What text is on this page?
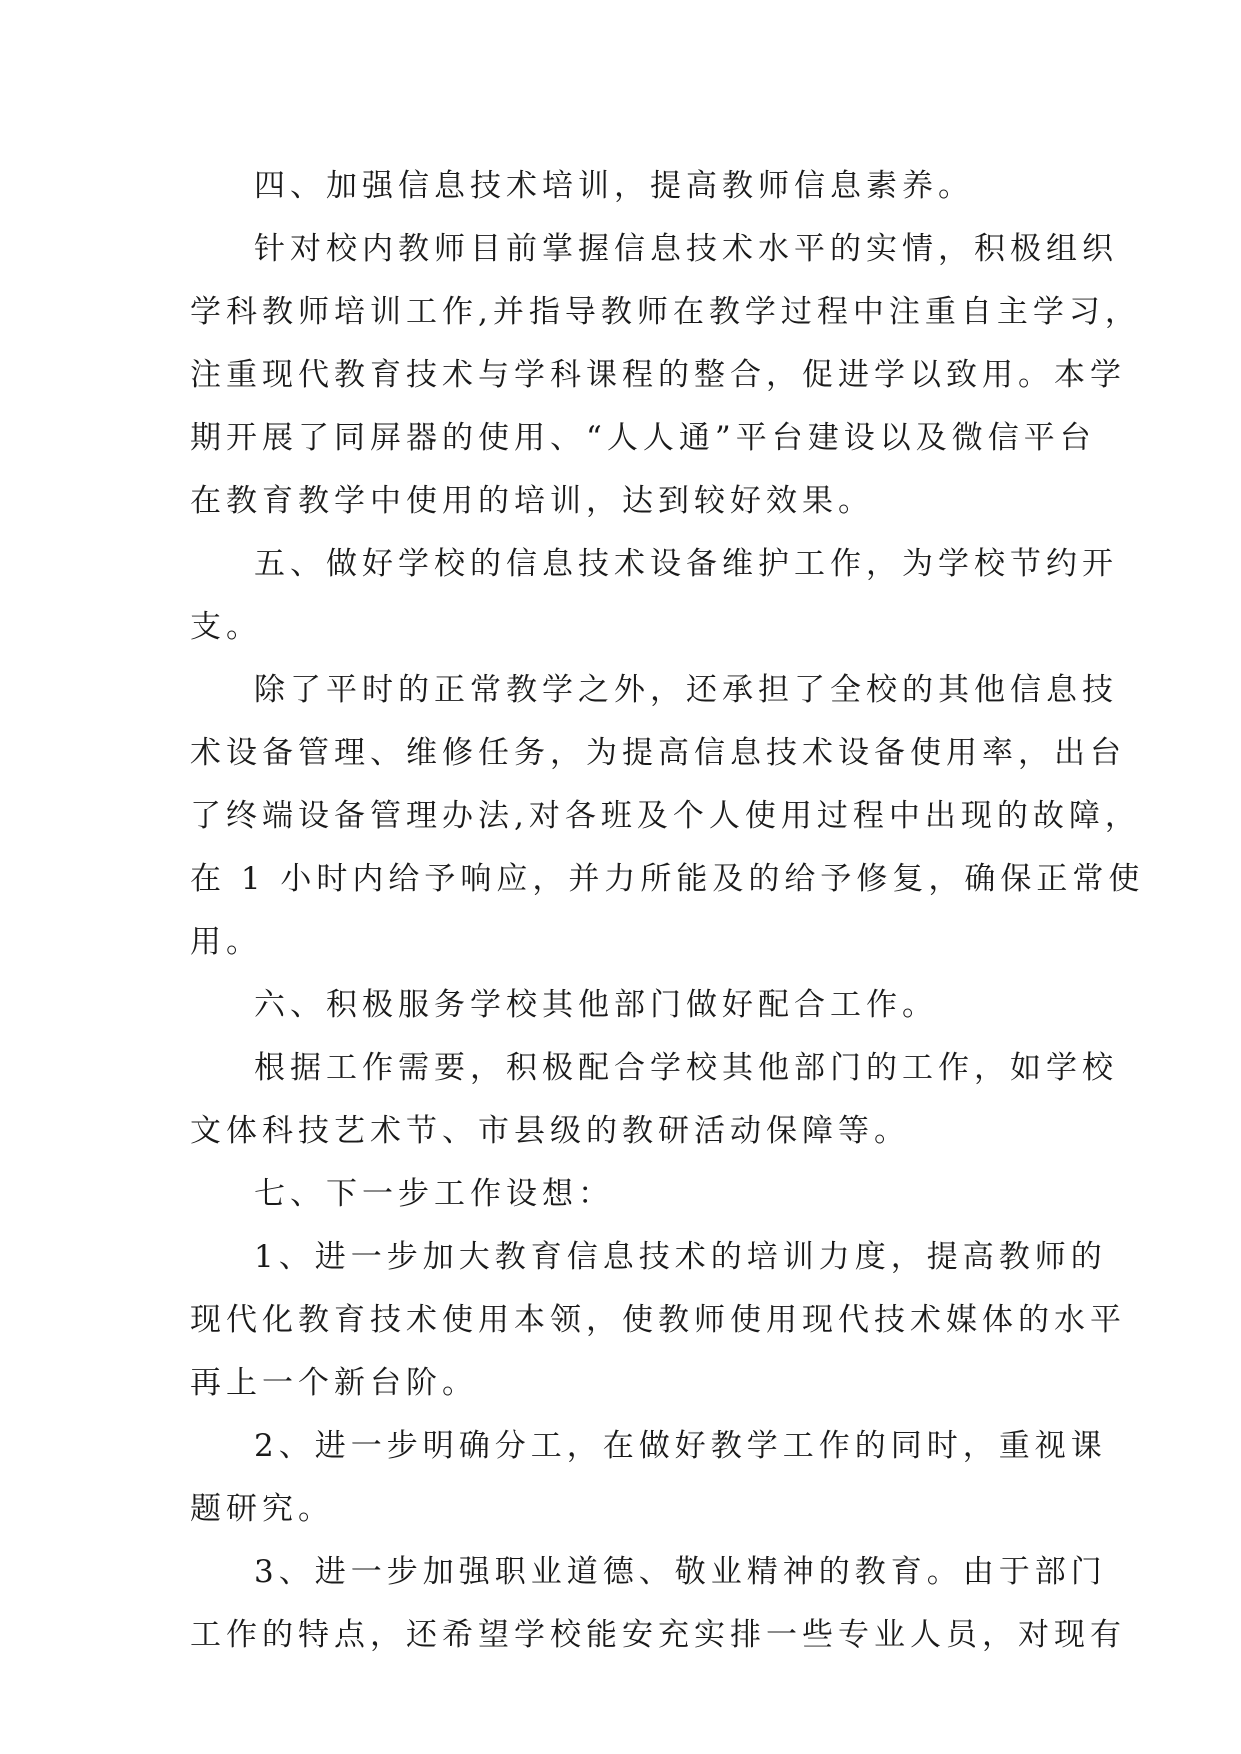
四、加强信息技术培训，提高教师信息素养。
针对校内教师目前掌握信息技术水平的实情，积极组织
学科教师培训工作,并指导教师在教学过程中注重自主学习，
注重现代教育技术与学科课程的整合，促进学以致用。本学
期开展了同屏器的使用、“人人通”平台建设以及微信平台
在教育教学中使用的培训，达到较好效果。
五、做好学校的信息技术设备维护工作，为学校节约开
支。
除了平时的正常教学之外，还承担了全校的其他信息技
术设备管理、维修任务，为提高信息技术设备使用率，出台
了终端设备管理办法,对各班及个人使用过程中出现的故障，
在 1 小时内给予响应，并力所能及的给予修复，确保正常使
用。
六、积极服务学校其他部门做好配合工作。
根据工作需要，积极配合学校其他部门的工作，如学校
文体科技艺术节、市县级的教研活动保障等。
七、下一步工作设想：
1、进一步加大教育信息技术的培训力度，提高教师的
现代化教育技术使用本领，使教师使用现代技术媒体的水平
再上一个新台阶。
2、进一步明确分工，在做好教学工作的同时，重视课
题研究。
3、进一步加强职业道德、敬业精神的教育。由于部门
工作的特点，还希望学校能安充实排一些专业人员，对现有
